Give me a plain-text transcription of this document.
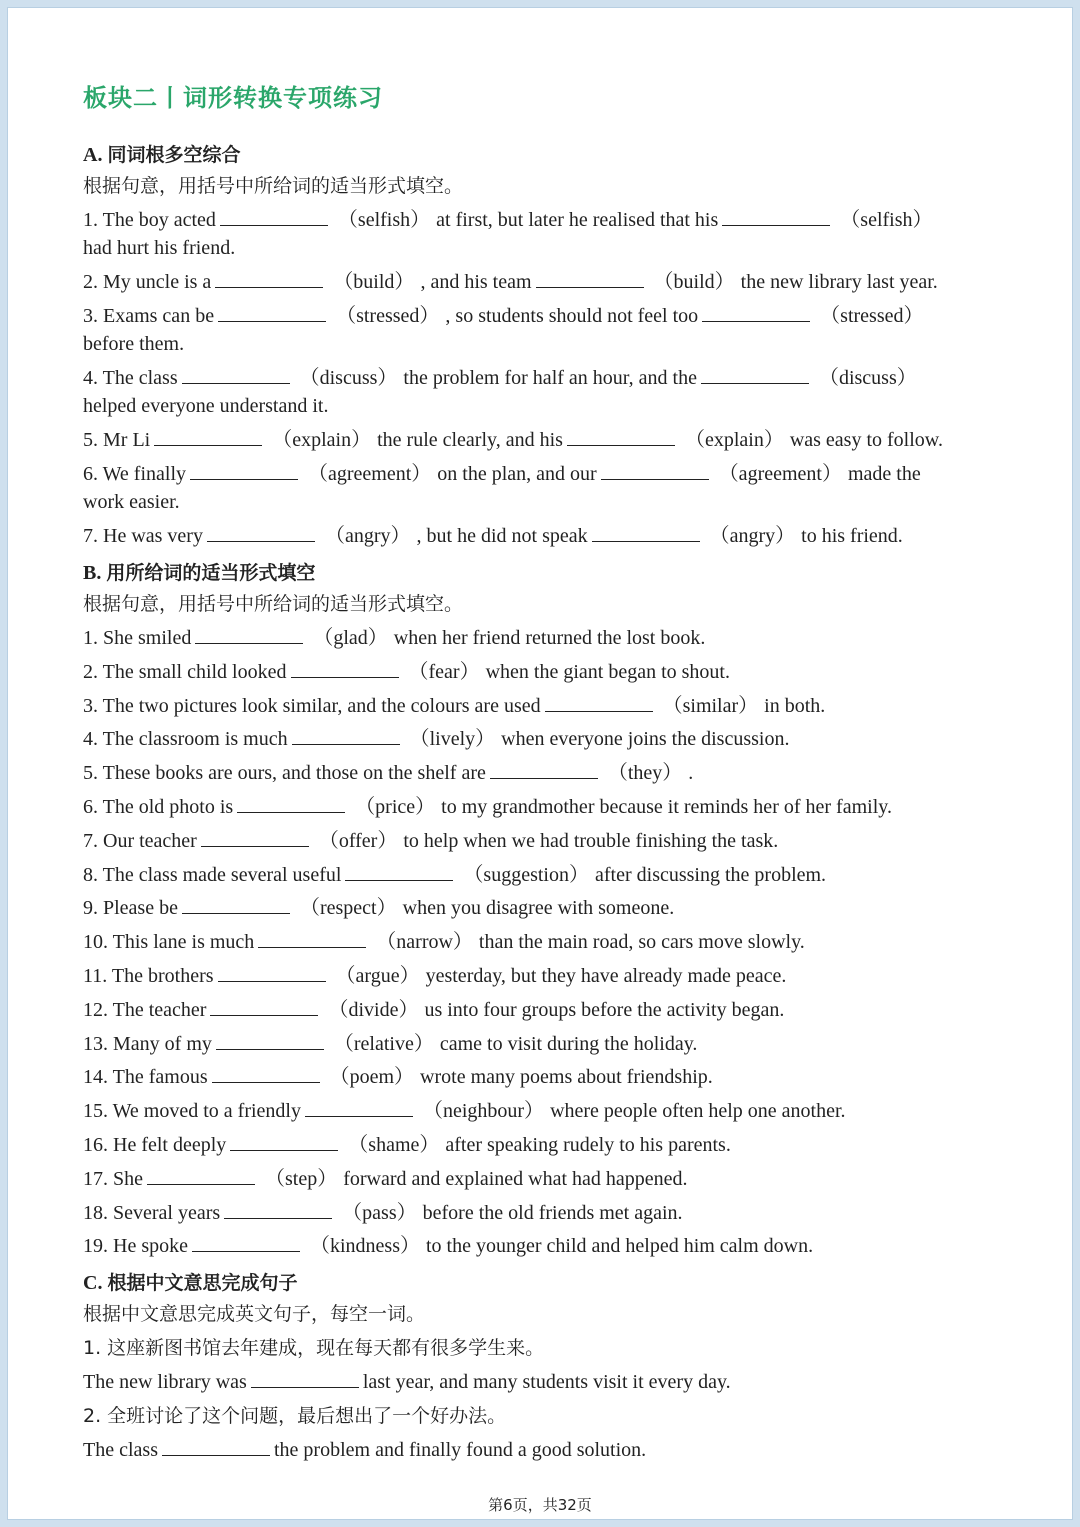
板块二丨词形转换专项练习
A. 同词根多空综合
根据句意，用括号中所给词的适当形式填空。
1. The boy acted	（selfish） at first, but later he realised that his	（selfish）
had hurt his friend.
2. My uncle is a	（build） , and his team	（build） the new library last year.
3. Exams can be	（stressed） , so students should not feel too	（stressed）
before them.
4. The class	（discuss） the problem for half an hour, and the	（discuss）
helped everyone understand it.
5. Mr Li	（explain） the rule clearly, and his	（explain） was easy to follow.
6. We finally	（agreement） on the plan, and our	（agreement） made the
work easier.
7. He was very	（angry） , but he did not speak	（angry） to his friend.
B. 用所给词的适当形式填空
根据句意，用括号中所给词的适当形式填空。
1. She smiled	（glad） when her friend returned the lost book.
2. The small child looked	（fear） when the giant began to shout.
3. The two pictures look similar, and the colours are used	（similar） in both.
4. The classroom is much	（lively） when everyone joins the discussion.
5. These books are ours, and those on the shelf are	（they） .
6. The old photo is	（price） to my grandmother because it reminds her of her family.
7. Our teacher	（offer） to help when we had trouble finishing the task.
8. The class made several useful	（suggestion） after discussing the problem.
9. Please be	（respect） when you disagree with someone.
10. This lane is much	（narrow） than the main road, so cars move slowly.
11. The brothers	（argue） yesterday, but they have already made peace.
12. The teacher	（divide） us into four groups before the activity began.
13. Many of my	（relative） came to visit during the holiday.
14. The famous	（poem） wrote many poems about friendship.
15. We moved to a friendly	（neighbour） where people often help one another.
16. He felt deeply	（shame） after speaking rudely to his parents.
17. She	（step） forward and explained what had happened.
18. Several years	（pass） before the old friends met again.
19. He spoke	（kindness） to the younger child and helped him calm down.
C. 根据中文意思完成句子
根据中文意思完成英文句子，每空一词。
1. 这座新图书馆去年建成，现在每天都有很多学生来。
The new library was	last year, and many students visit it every day.
2. 全班讨论了这个问题，最后想出了一个好办法。
The class	the problem and finally found a good solution.
第6页，共32页
